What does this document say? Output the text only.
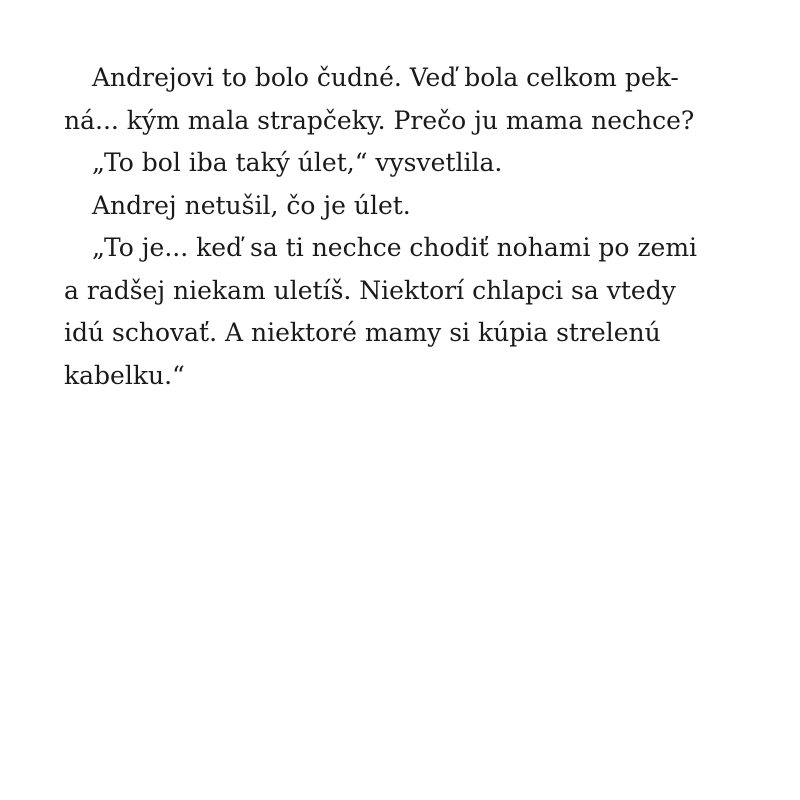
Andrejovi to bolo čudné. Veď bola celkom pek-
ná... kým mala strapčeky. Prečo ju mama nechce?
„To bol iba taký úlet,“ vysvetlila.
Andrej netušil, čo je úlet.
„To je... keď sa ti nechce chodiť nohami po zemi
a radšej niekam uletíš. Niektorí chlapci sa vtedy
idú schovať. A niektoré mamy si kúpia strelenú
kabelku.“
